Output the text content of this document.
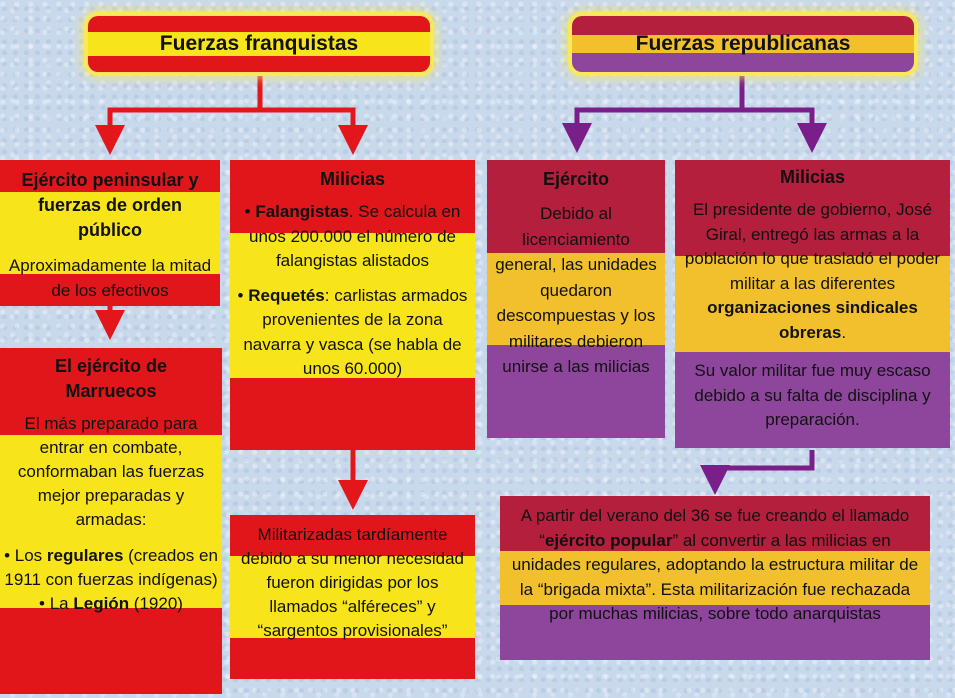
Fuerzas franquistas	Fuerzas republicanas

Ejército peninsular y fuerzas de orden público

Aproximadamente la mitad de los efectivos

El ejército de Marruecos

El más preparado para entrar en combate, conformaban las fuerzas mejor preparadas y armadas:

• Los regulares (creados en 1911 con fuerzas indígenas)

• La Legión (1920)

Milicias

• Falangistas. Se calcula en unos 200.000 el número de falangistas alistados

• Requetés: carlistas armados provenientes de la zona navarra y vasca (se habla de unos 60.000)

Militarizadas tardíamente debido a su menor necesidad fueron dirigidas por los llamados “alféreces” y “sargentos provisionales”

Ejército

Debido al licenciamiento general, las unidades quedaron descompuestas y los militares debieron unirse a las milicias

Milicias

El presidente de gobierno, José Giral, entregó las armas a la población lo que trasladó el poder militar a las diferentes organizaciones sindicales obreras.

Su valor militar fue muy escaso debido a su falta de disciplina y preparación.

A partir del verano del 36 se fue creando el llamado “ejército popular” al convertir a las milicias en unidades regulares, adoptando la estructura militar de la “brigada mixta”. Esta militarización fue rechazada por muchas milicias, sobre todo anarquistas
